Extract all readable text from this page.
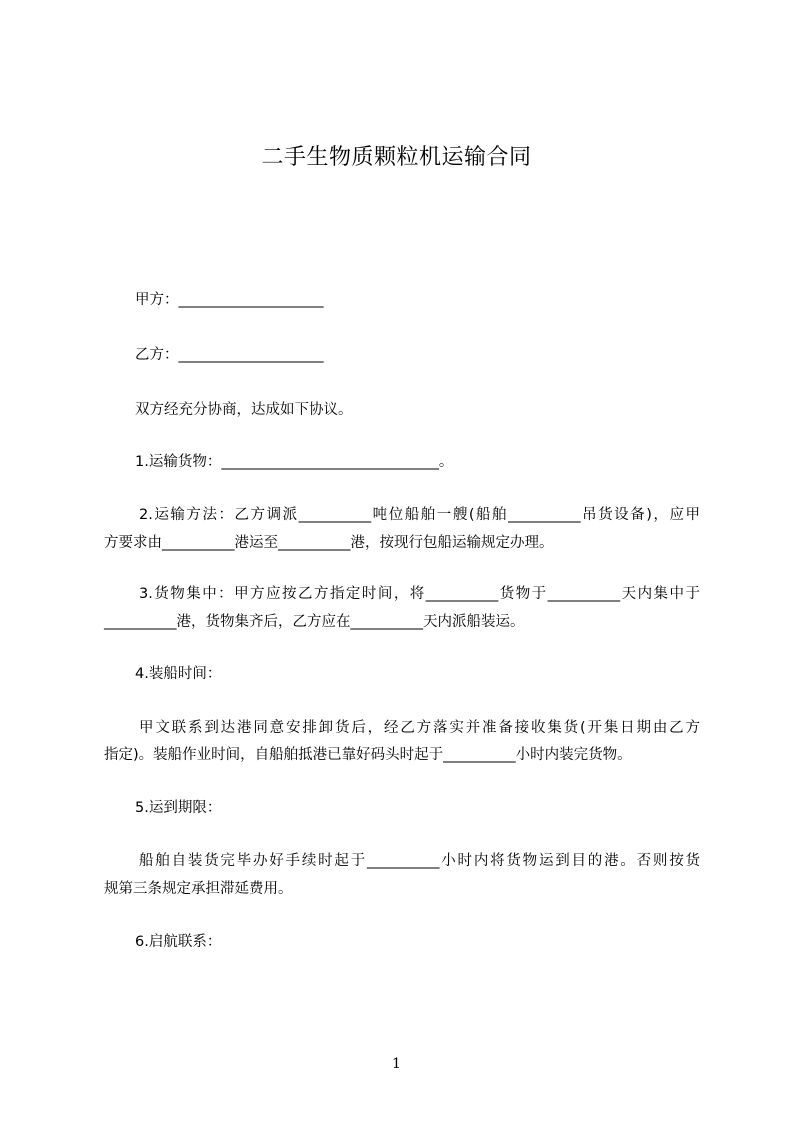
二手生物质颗粒机运输合同
甲方：____________________
乙方：____________________
双方经充分协商，达成如下协议。
1.运输货物：______________________________。
2.运输方法：乙方调派__________吨位船舶一艘(船舶__________吊货设备)，应甲
方要求由__________港运至__________港，按现行包船运输规定办理。
3.货物集中：甲方应按乙方指定时间，将__________货物于__________天内集中于
__________港，货物集齐后，乙方应在__________天内派船装运。
4.装船时间：
甲文联系到达港同意安排卸货后，经乙方落实并准备接收集货(开集日期由乙方
指定)。装船作业时间，自船舶抵港已靠好码头时起于__________小时内装完货物。
5.运到期限：
船舶自装货完毕办好手续时起于__________小时内将货物运到目的港。否则按货
规第三条规定承担滞延费用。
6.启航联系：
1
